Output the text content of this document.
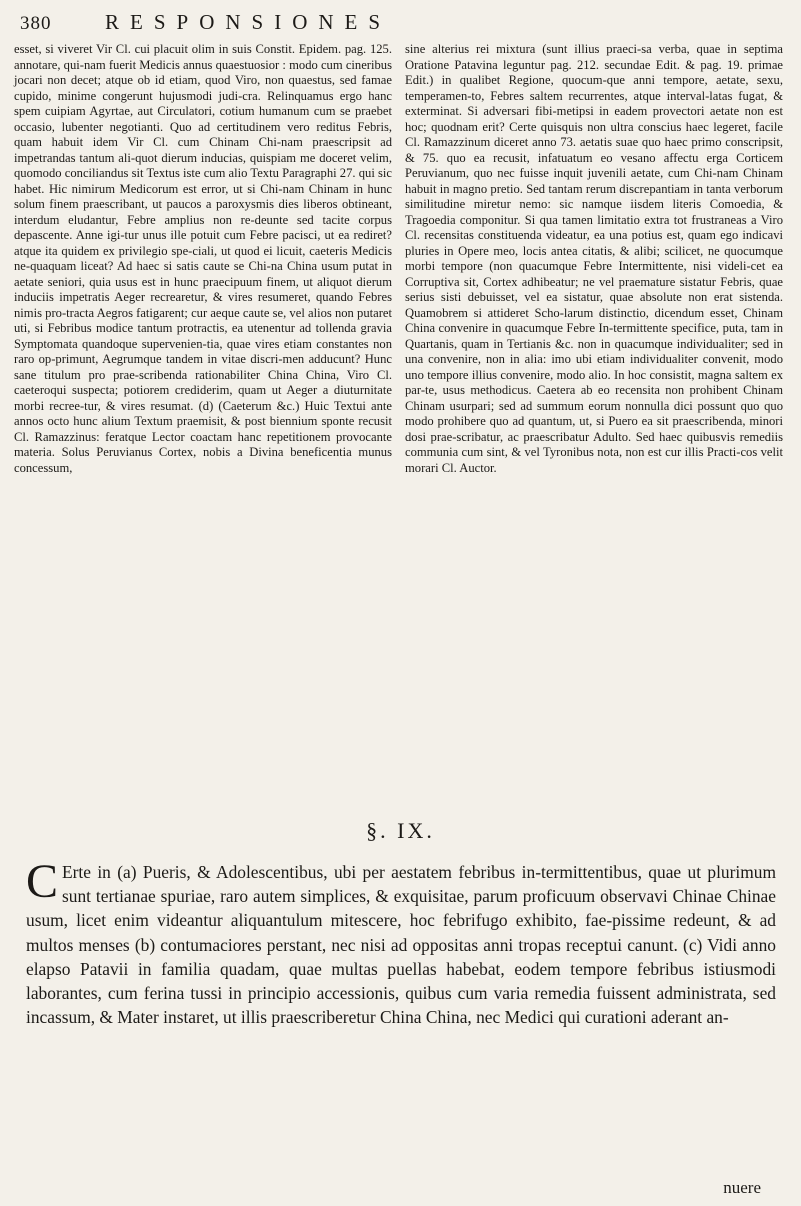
380	RESPONSIONES

esset, si viveret Vir Cl. cui placuit olim in suis Constit. Epidem. pag. 125. annotare, qui-nam fuerit Medicis annus quaestuosior : modo cum cineribus jocari non decet; atque ob id etiam, quod Viro, non quaestus, sed famae cupido, minime congerunt hujusmodi judi-cra. Relinquamus ergo hanc spem cuipiam Agyrtae, aut Circulatori, cotium humanum cum se praebet occasio, lubenter negotianti. Quo ad certitudinem vero reditus Febris, quam habuit idem Vir Cl. cum Chinam Chi-nam praescripsit ad impetrandas tantum ali-quot dierum inducias, quispiam me doceret velim, quomodo conciliandus sit Textus iste cum alio Textu Paragraphi 27. qui sic habet. Hic nimirum Medicorum est error, ut si Chi-nam Chinam in hunc solum finem praescribant, ut paucos a paroxysmis dies liberos obtineant, interdum eludantur, Febre amplius non re-deunte sed tacite corpus depascente. Anne igi-tur unus ille potuit cum Febre pacisci, ut ea rediret? atque ita quidem ex privilegio spe-ciali, ut quod ei licuit, caeteris Medicis ne-quaquam liceat? Ad haec si satis caute se Chi-na China usum putat in aetate seniori, quia usus est in hunc praecipuum finem, ut aliquot dierum induciis impetratis Aeger recrearetur, & vires resumeret, quando Febres nimis pro-tracta Aegros fatigarent; cur aeque caute se, vel alios non putaret uti, si Febribus modice tantum protractis, ea utenentur ad tollenda gravia Symptomata quandoque supervenien-tia, quae vires etiam constantes non raro op-primunt, Aegrumque tandem in vitae discri-men adducunt? Hunc sane titulum pro prae-scribenda rationabiliter China China, Viro Cl. caeteroqui suspecta; potiorem crediderim, quam ut Aeger a diuturnitate morbi recree-tur, & vires resumat. (d) (Caeterum &c.) Huic Textui ante annos octo hunc alium Textum praemisit, & post biennium sponte recusit Cl. Ramazzinus: feratque Lector coactam hanc repetitionem provocante materia. Solus Peruvianus Cortex, nobis a Divina beneficentia munus concessum,

sine alterius rei mixtura (sunt illius praeci-sa verba, quae in septima Oratione Patavina leguntur pag. 212. secundae Edit. & pag. 19. primae Edit.) in qualibet Regione, quocum-que anni tempore, aetate, sexu, temperamen-to, Febres saltem recurrentes, atque interval-latas fugat, & exterminat. Si adversari fibi-metipsi in eadem provectori aetate non est hoc; quodnam erit? Certe quisquis non ultra conscius haec legeret, facile Cl. Ramazzinum diceret anno 73. aetatis suae quo haec primo conscripsit, & 75. quo ea recusit, infatuatum eo vesano affectu erga Corticem Peruvianum, quo nec fuisse inquit juvenili aetate, cum Chi-nam Chinam habuit in magno pretio. Sed tantam rerum discrepantiam in tanta verborum similitudine miretur nemo: sic namque iisdem literis Comoedia, & Tragoedia componitur. Si qua tamen limitatio extra tot frustraneas a Viro Cl. recensitas constituenda videatur, ea una potius est, quam ego indicavi pluries in Opere meo, locis antea citatis, & alibi; scilicet, ne quocumque morbi tempore (non quacumque Febre Intermittente, nisi videli-cet ea Corruptiva sit, Cortex adhibeatur; ne vel praemature sistatur Febris, quae serius sisti debuisset, vel ea sistatur, quae absolute non erat sistenda. Quamobrem si attideret Scho-larum distinctio, dicendum esset, Chinam China convenire in quacumque Febre In-termittente specifice, puta, tam in Quartanis, quam in Tertianis &c. non in quacumque individualiter; sed in una convenire, non in alia: imo ubi etiam individualiter convenit, modo uno tempore illius convenire, modo alio. In hoc consistit, magna saltem ex par-te, usus methodicus. Caetera ab eo recensita non prohibent Chinam Chinam usurpari; sed ad summum eorum nonnulla dici possunt quo quo modo prohibere quo ad quantum, ut, si Puero ea sit praescribenda, minori dosi prae-scribatur, ac praescribatur Adulto. Sed haec quibusvis remediis communia cum sint, & vel Tyronibus nota, non est cur illis Practi-cos velit morari Cl. Auctor.

§. IX.
C Erte in (a) Pueris, & Adolescentibus, ubi per aestatem febribus in-termittentibus, quae ut plurimum sunt tertianae spuriae, raro autem simplices, & exquisitae, parum proficuum observavi Chinae Chinae usum, licet enim videantur aliquantulum mitescere, hoc febrifugo exhibito, fae-pissime redeunt, & ad multos menses (b) contumaciores perstant, nec nisi ad oppositas anni tropas receptui canunt. (c) Vidi anno elapso Patavii in familia quadam, quae multas puellas habebat, eodem tempore febribus istiusmodi laborantes, cum ferina tussi in principio accessionis, quibus cum varia remedia fuissent administrata, sed incassum, & Mater instaret, ut illis praescriberetur China China, nec Medici qui curationi aderant an-
nuere
